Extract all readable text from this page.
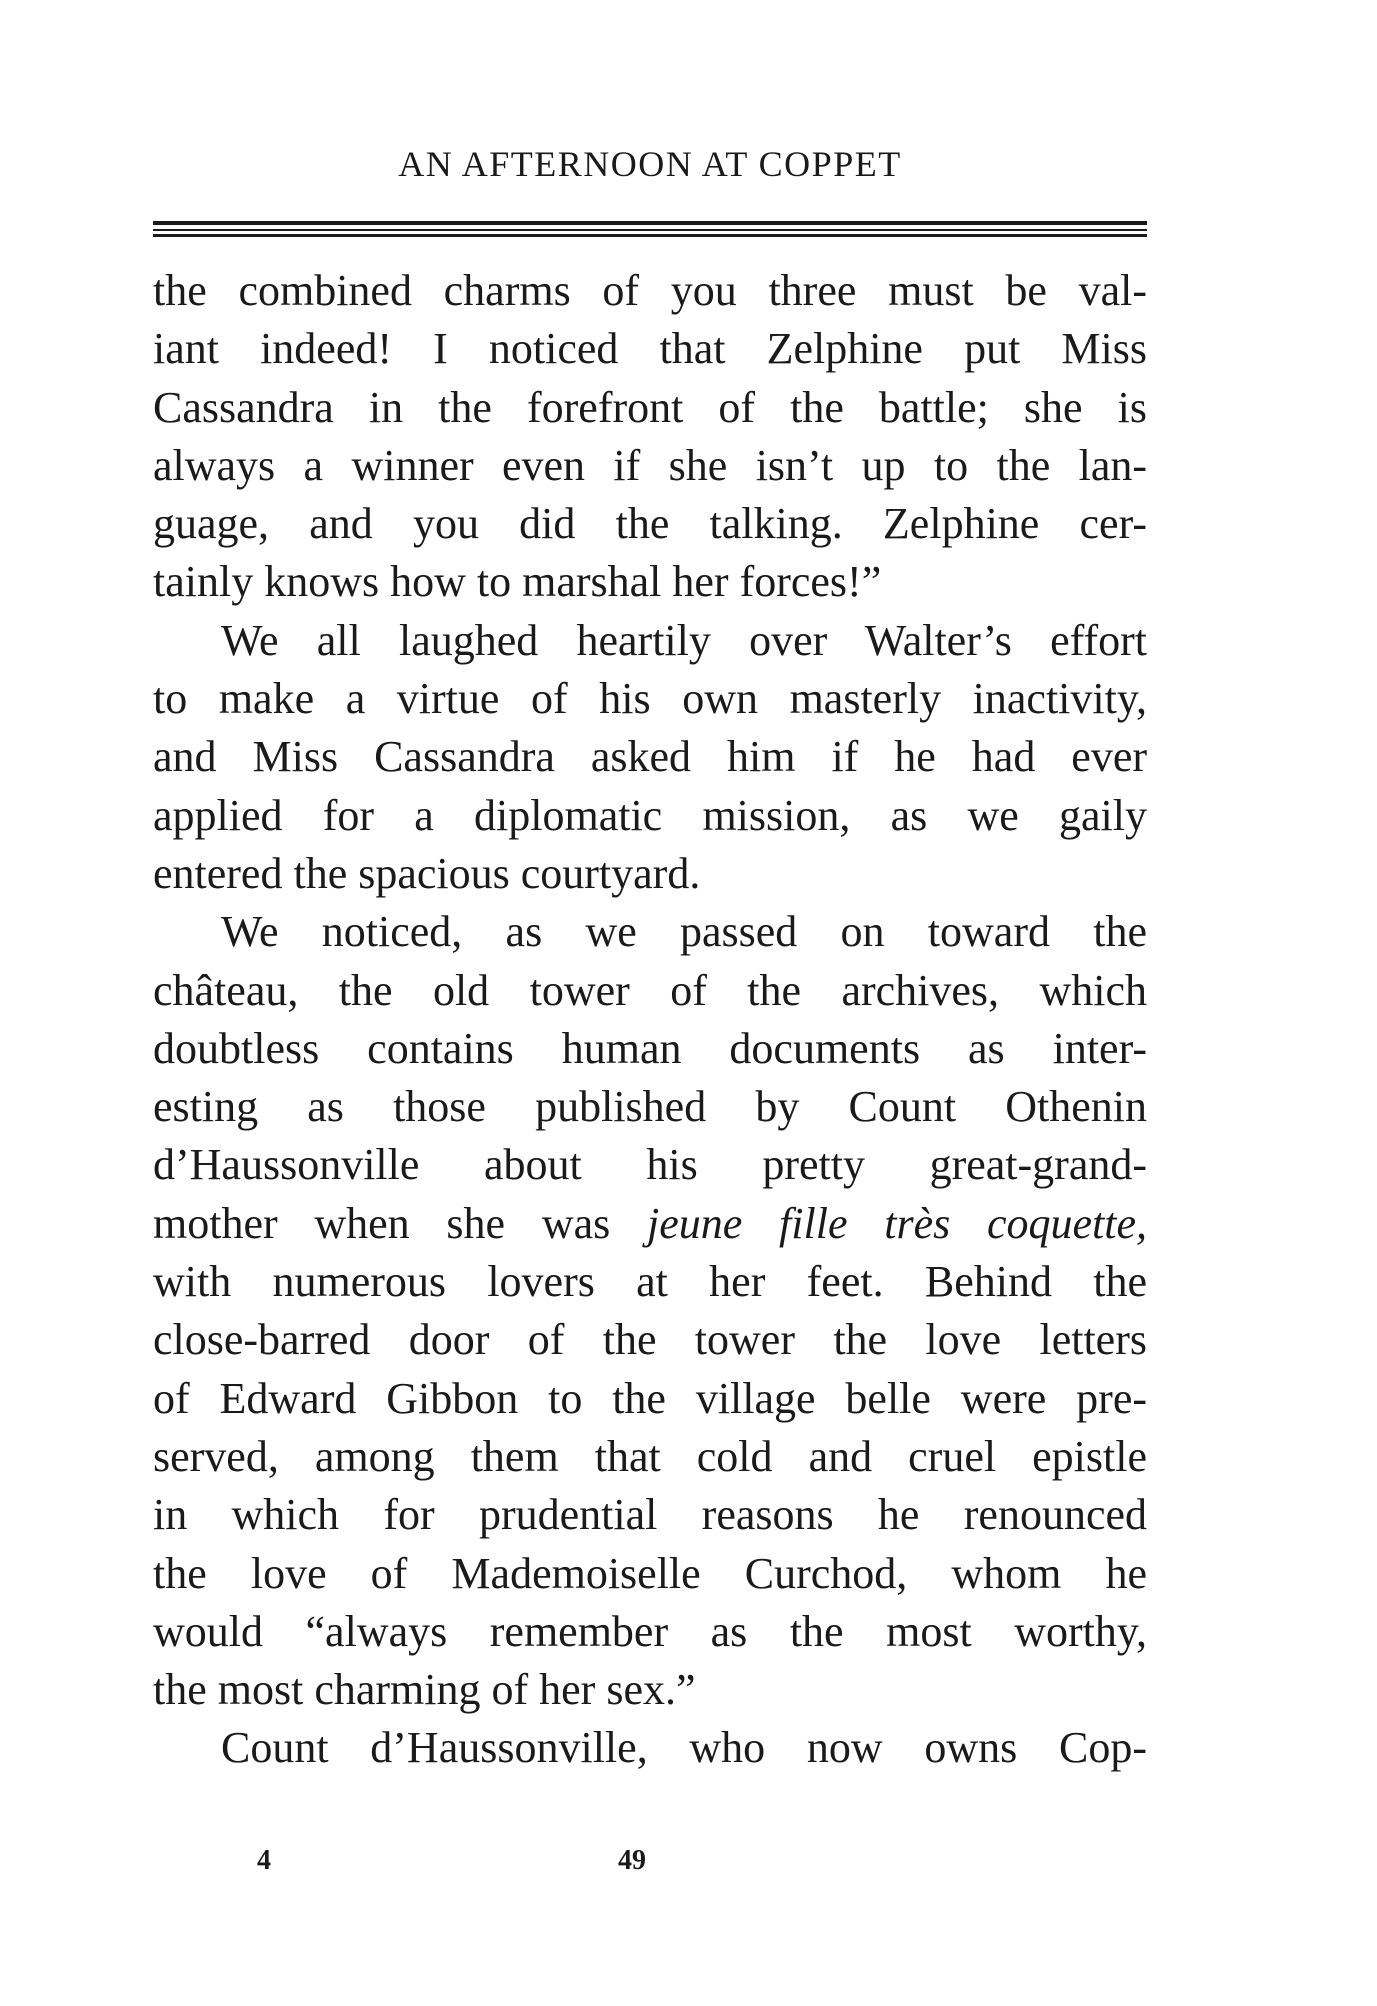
AN AFTERNOON AT COPPET
the combined charms of you three must be val-
iant indeed! I noticed that Zelphine put Miss
Cassandra in the forefront of the battle; she is
always a winner even if she isn’t up to the lan-
guage, and you did the talking. Zelphine cer-
tainly knows how to marshal her forces!”
We all laughed heartily over Walter’s effort
to make a virtue of his own masterly inactivity,
and Miss Cassandra asked him if he had ever
applied for a diplomatic mission, as we gaily
entered the spacious courtyard.
We noticed, as we passed on toward the
château, the old tower of the archives, which
doubtless contains human documents as inter-
esting as those published by Count Othenin
d’Haussonville about his pretty great-grand-
mother when she was jeune fille très coquette,
with numerous lovers at her feet. Behind the
close-barred door of the tower the love letters
of Edward Gibbon to the village belle were pre-
served, among them that cold and cruel epistle
in which for prudential reasons he renounced
the love of Mademoiselle Curchod, whom he
would “always remember as the most worthy,
the most charming of her sex.”
Count d’Haussonville, who now owns Cop-
4	49
